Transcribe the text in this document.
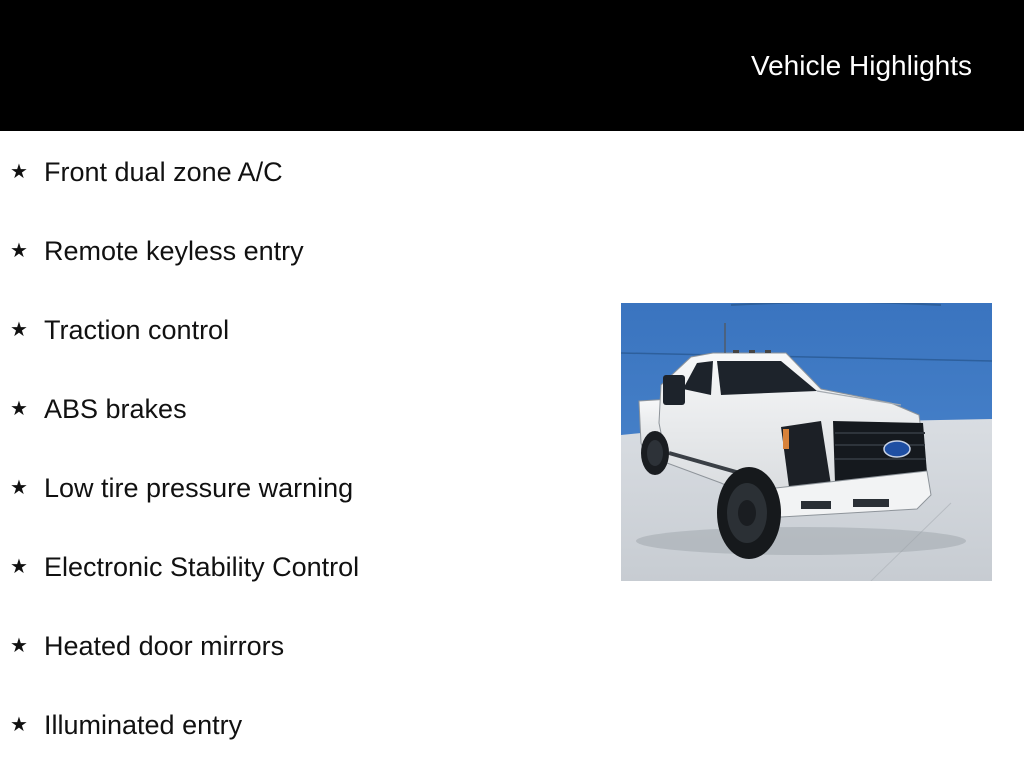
Vehicle Highlights
★ Front dual zone A/C
★ Remote keyless entry
★ Traction control
★ ABS brakes
★ Low tire pressure warning
★ Electronic Stability Control
★ Heated door mirrors
★ Illuminated entry
